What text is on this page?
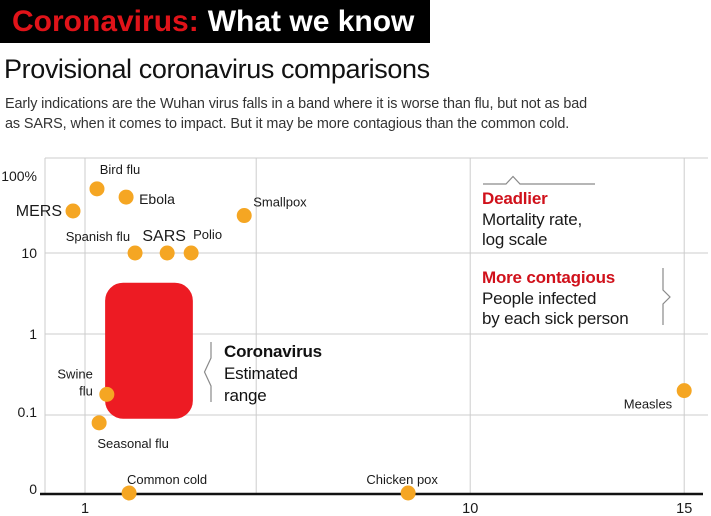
MERS
Bird flu
Ebola
Spanish flu SARS Polio
Smallpox
Swine flu
Seasonal flu
Common cold	Chicken pox
Measles
100%
10
1
0.1
0
1	10	15
Coronavirus: What we know
Provisional coronavirus comparisons

Early indications are the Wuhan virus falls in a band where it is worse than flu, but not as bad
as SARS, when it comes to impact. But it may be more contagious than the common cold.

Deadlier
Mortality rate,
log scale
More contagious
People infected
by each sick person
Coronavirus
Estimated
range
